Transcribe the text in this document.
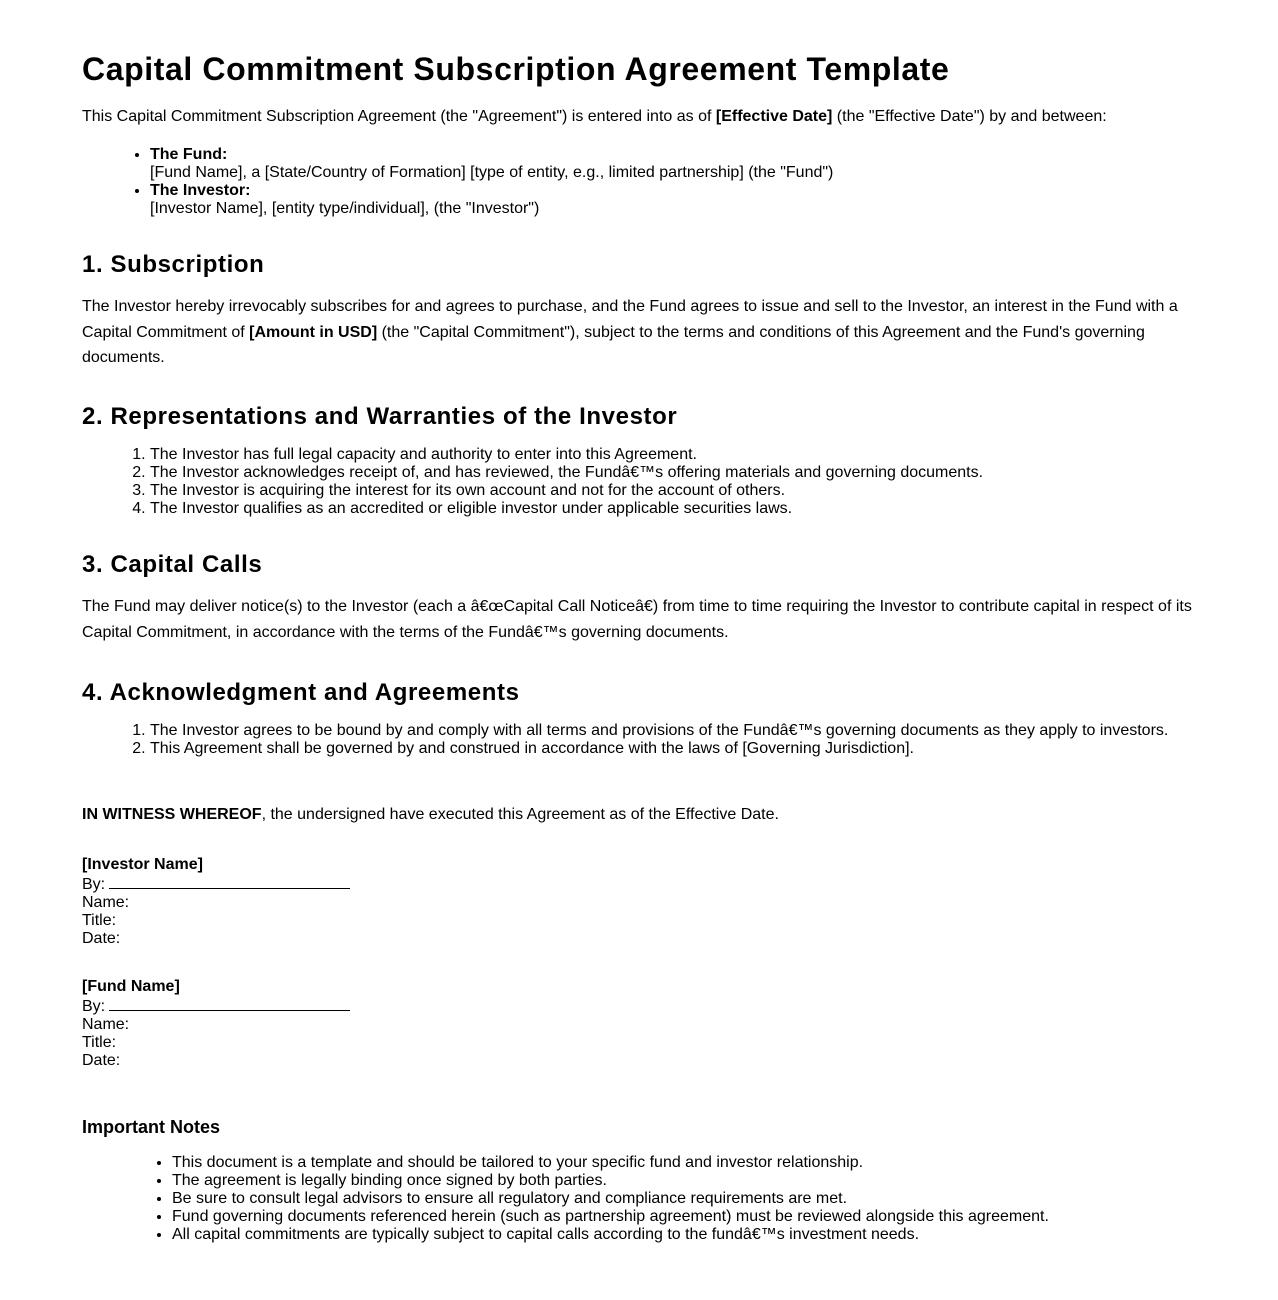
Capital Commitment Subscription Agreement Template

This Capital Commitment Subscription Agreement (the "Agreement") is entered into as of [Effective Date] (the "Effective Date") by and between:

• The Fund:
[Fund Name], a [State/Country of Formation] [type of entity, e.g., limited partnership] (the "Fund")
• The Investor:
[Investor Name], [entity type/individual], (the "Investor")
1. Subscription

The Investor hereby irrevocably subscribes for and agrees to purchase, and the Fund agrees to issue and sell to the Investor, an interest in the Fund with a Capital Commitment of [Amount in USD] (the "Capital Commitment"), subject to the terms and conditions of this Agreement and the Fund's governing documents.

2. Representations and Warranties of the Investor
1. The Investor has full legal capacity and authority to enter into this Agreement.
2. The Investor acknowledges receipt of, and has reviewed, the Fundâ€™s offering materials and governing documents.
3. The Investor is acquiring the interest for its own account and not for the account of others.
4. The Investor qualifies as an accredited or eligible investor under applicable securities laws.
3. Capital Calls

The Fund may deliver notice(s) to the Investor (each a â€œCapital Call Noticeâ€) from time to time requiring the Investor to contribute capital in respect of its Capital Commitment, in accordance with the terms of the Fundâ€™s governing documents.

4. Acknowledgment and Agreements
1. The Investor agrees to be bound by and comply with all terms and provisions of the Fundâ€™s governing documents as they apply to investors.
2. This Agreement shall be governed by and construed in accordance with the laws of [Governing Jurisdiction].

IN WITNESS WHEREOF, the undersigned have executed this Agreement as of the Effective Date.

[Investor Name]
By:
Name:
Title:
Date:
[Fund Name]
By:
Name:
Title:
Date:
Important Notes
• This document is a template and should be tailored to your specific fund and investor relationship.
• The agreement is legally binding once signed by both parties.
• Be sure to consult legal advisors to ensure all regulatory and compliance requirements are met.
• Fund governing documents referenced herein (such as partnership agreement) must be reviewed alongside this agreement.
• All capital commitments are typically subject to capital calls according to the fundâ€™s investment needs.
